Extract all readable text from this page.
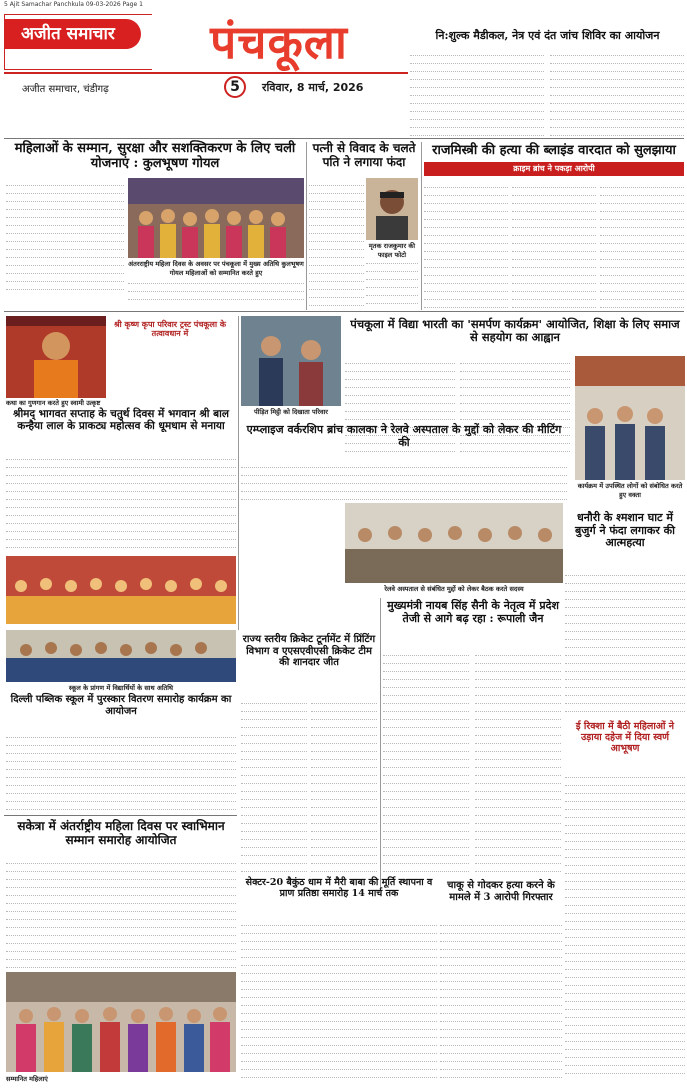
5 Ajit Samachar Panchkula 09-03-2026 Page 1
अजीत समाचार	पंचकूला
अजीत समाचार, चंडीगढ़	5	रविवार, 8 मार्च, 2026
नि:शुल्क मैडीकल, नेत्र एवं दंत जांच शिविर का आयोजन
महिलाओं के सम्मान, सुरक्षा और सशक्तिकरण के लिए चली योजनाएं : कुलभूषण गोयल
अंतरराष्ट्रीय महिला दिवस के अवसर पर पंचकूला में मुख्य अतिथि कुलभूषण गोयल महिलाओं को सम्मानित करते हुए
पत्नी से विवाद के चलते पति ने लगाया फंदा
मृतक राजकुमार की फाइल फोटो
राजमिस्त्री की हत्या की ब्लाइंड वारदात को सुलझाया
क्राइम ब्रांच ने पकड़ा आरोपी
श्री कृष्ण कृपा परिवार ट्रस्ट पंचकूला के तत्वावधान में
कथा का गुणगान करते हुए स्वामी उत्कृष्ट
श्रीमद् भागवत सप्ताह के चतुर्थ दिवस में भगवान श्री बाल कन्हैया लाल के प्राकट्य महोत्सव की धूमधाम से मनाया
पीड़ित मिट्ठी को दिखाता परिवार
पंचकूला में विद्या भारती का 'समर्पण कार्यक्रम' आयोजित, शिक्षा के लिए समाज से सहयोग का आह्वान
कार्यक्रम में उपस्थित लोगों को संबोधित करते हुए वक्ता
एम्प्लाइज वर्करशिप ब्रांच कालका ने रेलवे अस्पताल के मुद्दों को लेकर की मीटिंग की
धनौरी के श्मशान घाट में बुजुर्ग ने फंदा लगाकर की आत्महत्या
रेलवे अस्पताल से संबंधित मुद्दों को लेकर बैठक करते सदस्य
राज्य स्तरीय क्रिकेट टूर्नामेंट में प्रिंटिंग विभाग व एएसएवीएसी क्रिकेट टीम की शानदार जीत
मुख्यमंत्री नायब सिंह सैनी के नेतृत्व में प्रदेश तेजी से आगे बढ़ रहा : रूपाली जैन
स्कूल के प्रांगण में विद्यार्थियों के साथ अतिथि
दिल्ली पब्लिक स्कूल में पुरस्कार वितरण समारोह कार्यक्रम का आयोजन
सेक्टर-20 बैकुंठ धाम में मैरी बाबा की मूर्ति स्थापना व प्राण प्रतिष्ठा समारोह 14 मार्च तक
चाकू से गोदकर हत्या करने के मामले में 3 आरोपी गिरफ्तार
ई रिक्शा में बैठी महिलाओं ने उड़ाया दहेज में दिया स्वर्ण आभूषण
सकेत्रा में अंतर्राष्ट्रीय महिला दिवस पर स्वाभिमान सम्मान समारोह आयोजित
सम्मानित महिलाएं
